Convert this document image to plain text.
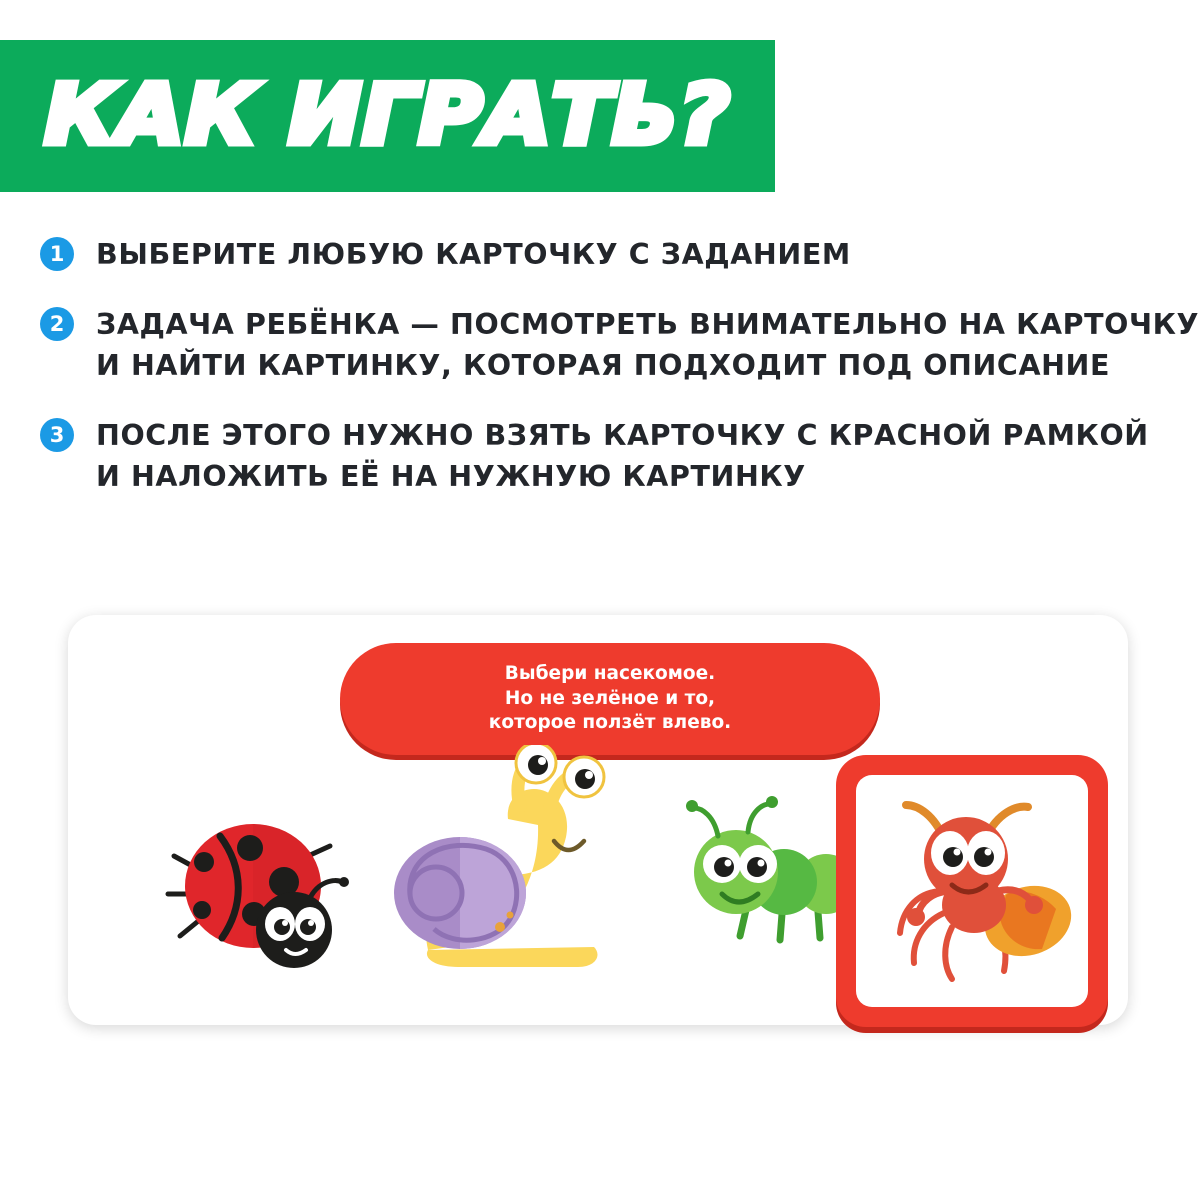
КАК ИГРАТЬ?
1	ВЫБЕРИТЕ ЛЮБУЮ КАРТОЧКУ С ЗАДАНИЕМ
2	ЗАДАЧА РЕБЁНКА — ПОСМОТРЕТЬ ВНИМАТЕЛЬНО НА КАРТОЧКУ
И НАЙТИ КАРТИНКУ, КОТОРАЯ ПОДХОДИТ ПОД ОПИСАНИЕ
3	ПОСЛЕ ЭТОГО НУЖНО ВЗЯТЬ КАРТОЧКУ С КРАСНОЙ РАМКОЙ
И НАЛОЖИТЬ ЕЁ НА НУЖНУЮ КАРТИНКУ
Выбери насекомое.
Но не зелёное и то,
которое ползёт влево.
